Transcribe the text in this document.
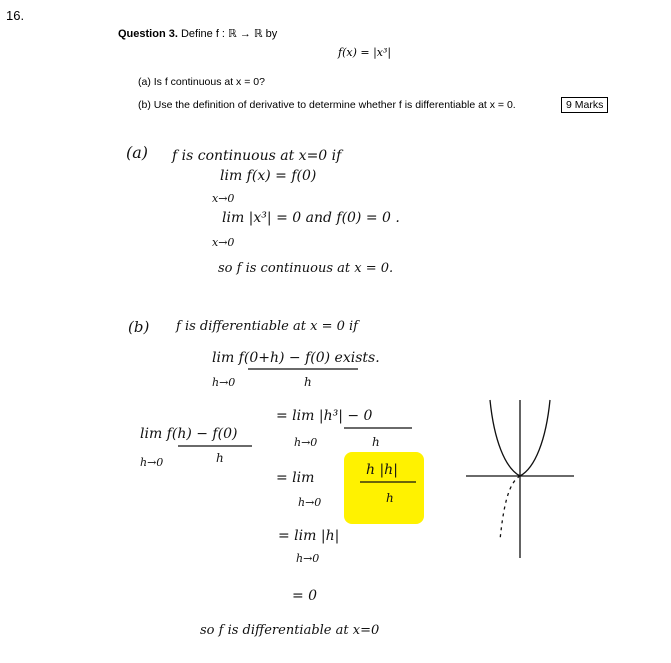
16.
Question 3. Define f : ℝ → ℝ by
f(x) = |x³|
(a) Is f continuous at x = 0?
(b) Use the definition of derivative to determine whether f is differentiable at x = 0.	9 Marks
(a) f is continuous at x=0 if
lim f(x) = f(0)
x→0
lim |x³| = 0 and f(0) = 0 .
x→0
so f is continuous at x = 0.
(b) f is differentiable at x = 0 if
lim f(0+h) − f(0) exists.
h
h→0
lim f(h) − f(0)
h
h→0
= lim |h³| − 0
h
h→0
= lim	h |h|
h
h→0
= lim |h|
h→0
= 0
so f is differentiable at x=0
